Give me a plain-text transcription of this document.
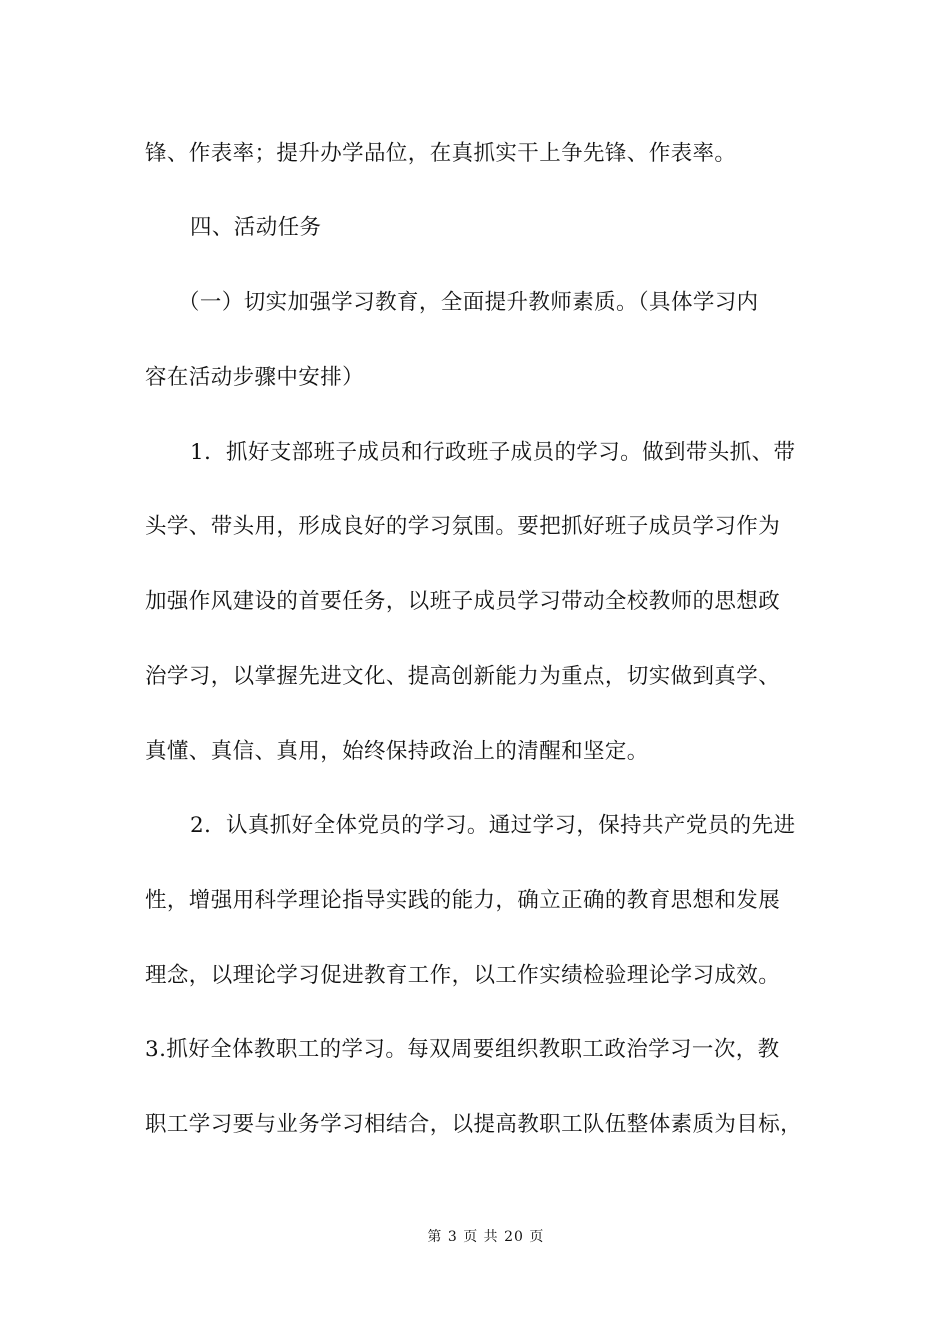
锋、作表率；提升办学品位，在真抓实干上争先锋、作表率。
四、活动任务
（一）切实加强学习教育，全面提升教师素质。（具体学习内
容在活动步骤中安排）
1．抓好支部班子成员和行政班子成员的学习。做到带头抓、带
头学、带头用，形成良好的学习氛围。要把抓好班子成员学习作为
加强作风建设的首要任务，以班子成员学习带动全校教师的思想政
治学习，以掌握先进文化、提高创新能力为重点，切实做到真学、
真懂、真信、真用，始终保持政治上的清醒和坚定。
2．认真抓好全体党员的学习。通过学习，保持共产党员的先进
性，增强用科学理论指导实践的能力，确立正确的教育思想和发展
理念，以理论学习促进教育工作，以工作实绩检验理论学习成效。
3.抓好全体教职工的学习。每双周要组织教职工政治学习一次，教
职工学习要与业务学习相结合，以提高教职工队伍整体素质为目标，

第 3 页 共 20 页
